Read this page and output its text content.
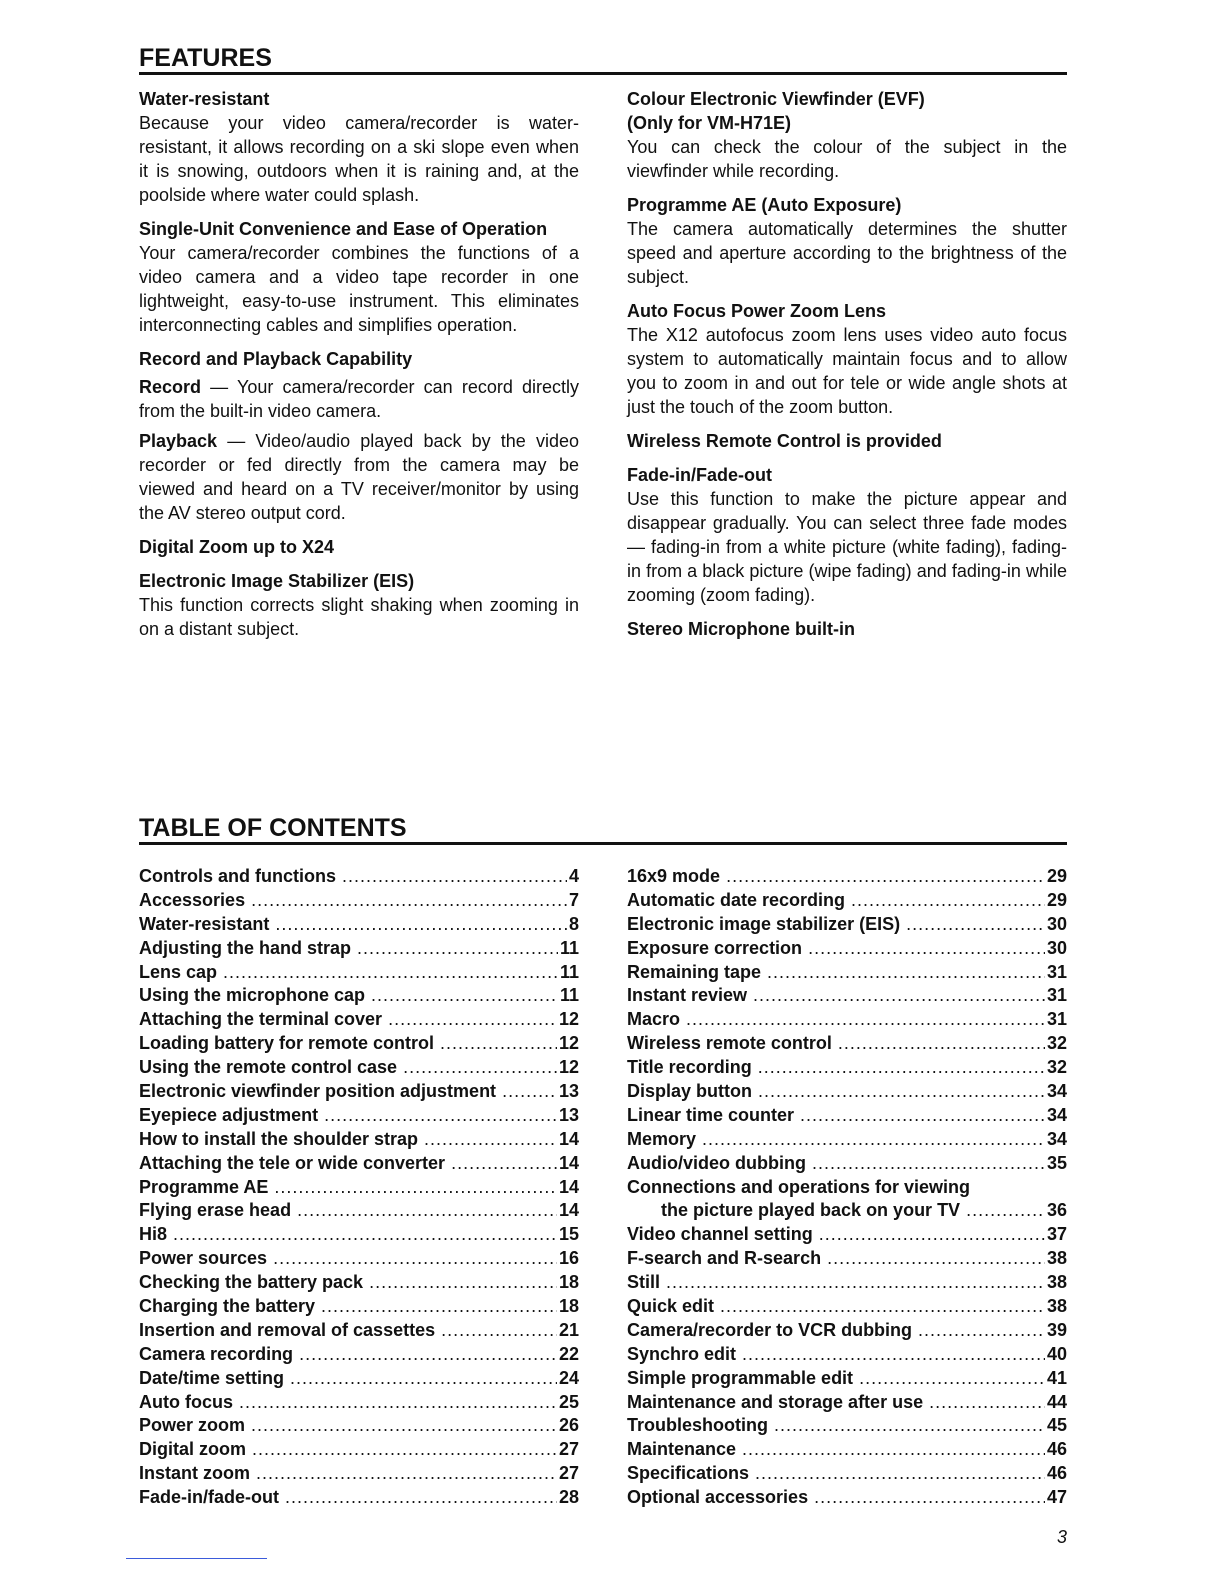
FEATURES

Water-resistant

Because your video camera/recorder is water-resistant, it allows recording on a ski slope even when it is snowing, outdoors when it is raining and, at the poolside where water could splash.

Single-Unit Convenience and Ease of Operation

Your camera/recorder combines the functions of a video camera and a video tape recorder in one lightweight, easy-to-use instrument. This eliminates interconnecting cables and simplifies operation.

Record and Playback Capability

Record — Your camera/recorder can record directly from the built-in video camera.

Playback — Video/audio played back by the video recorder or fed directly from the camera may be viewed and heard on a TV receiver/monitor by using the AV stereo output cord.

Digital Zoom up to X24

Electronic Image Stabilizer (EIS)

This function corrects slight shaking when zooming in on a distant subject.

Colour Electronic Viewfinder (EVF)

(Only for VM-H71E)

You can check the colour of the subject in the viewfinder while recording.

Programme AE (Auto Exposure)

The camera automatically determines the shutter speed and aperture according to the brightness of the subject.

Auto Focus Power Zoom Lens

The X12 autofocus zoom lens uses video auto focus system to automatically maintain focus and to allow you to zoom in and out for tele or wide angle shots at just the touch of the zoom button.

Wireless Remote Control is provided

Fade-in/Fade-out

Use this function to make the picture appear and disappear gradually. You can select three fade modes — fading-in from a white picture (white fading), fading-in from a black picture (wipe fading) and fading-in while zooming (zoom fading).

Stereo Microphone built-in

TABLE OF CONTENTS
Controls and functions .....	4
Accessories .....	7
Water-resistant .....	8
Adjusting the hand strap .....	11
Lens cap .....	11
Using the microphone cap .....	11
Attaching the terminal cover .....	12
Loading battery for remote control .....	12
Using the remote control case .....	12
Electronic viewfinder position adjustment .....	13
Eyepiece adjustment .....	13
How to install the shoulder strap .....	14
Attaching the tele or wide converter .....	14
Programme AE .....	14
Flying erase head .....	14
Hi8 .....	15
Power sources .....	16
Checking the battery pack .....	18
Charging the battery .....	18
Insertion and removal of cassettes .....	21
Camera recording .....	22
Date/time setting .....	24
Auto focus .....	25
Power zoom .....	26
Digital zoom .....	27
Instant zoom .....	27
Fade-in/fade-out .....	28
16x9 mode .....	29
Automatic date recording .....	29
Electronic image stabilizer (EIS) .....	30
Exposure correction .....	30
Remaining tape .....	31
Instant review .....	31
Macro .....	31
Wireless remote control .....	32
Title recording .....	32
Display button .....	34
Linear time counter .....	34
Memory .....	34
Audio/video dubbing .....	35
Connections and operations for viewing
the picture played back on your TV .....	36
Video channel setting .....	37
F-search and R-search .....	38
Still .....	38
Quick edit .....	38
Camera/recorder to VCR dubbing .....	39
Synchro edit .....	40
Simple programmable edit .....	41
Maintenance and storage after use .....	44
Troubleshooting .....	45
Maintenance .....	46
Specifications .....	46
Optional accessories .....	47
3
